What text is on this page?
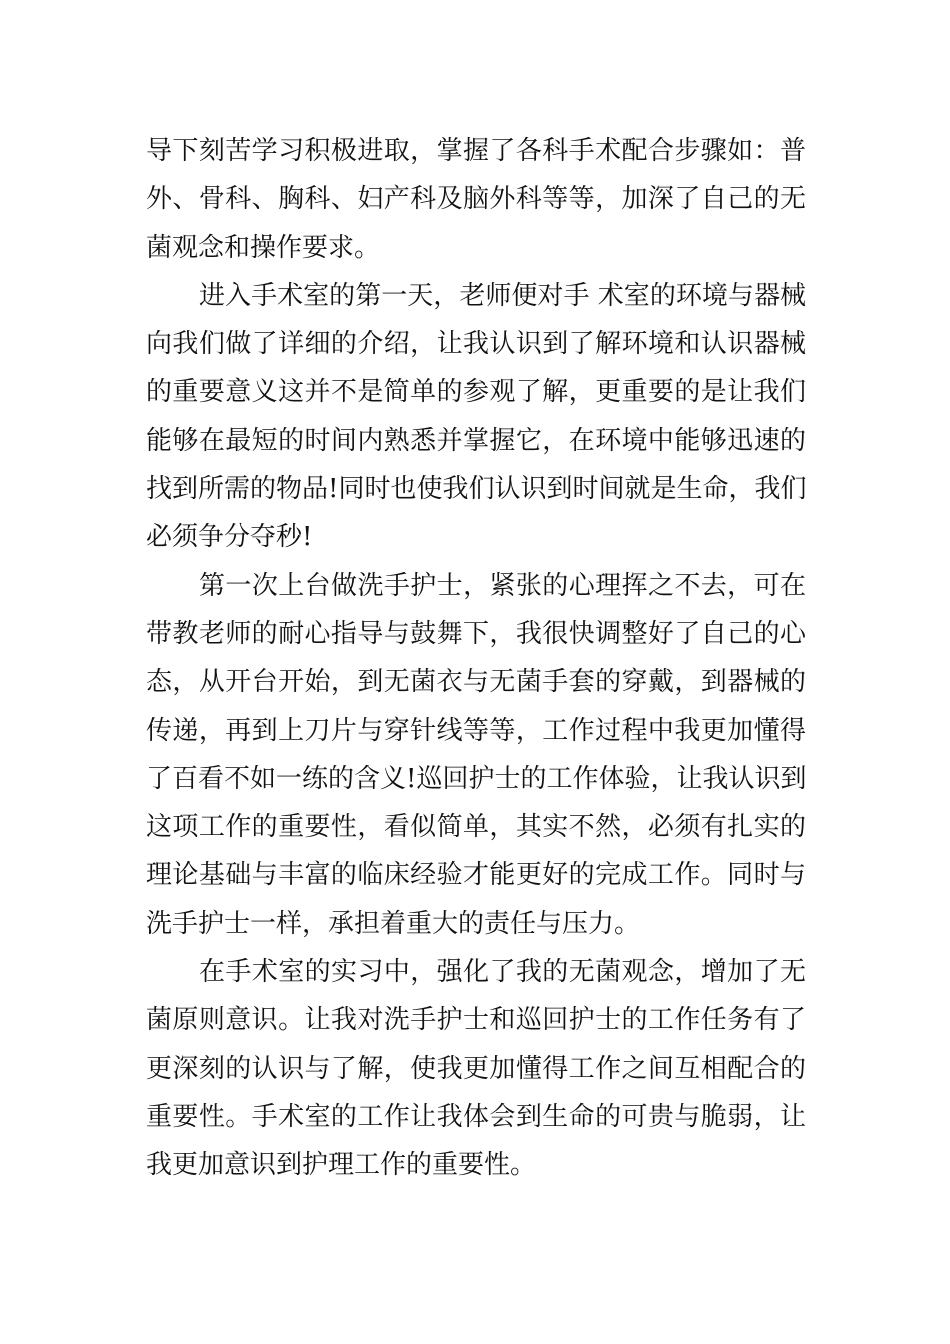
导下刻苦学习积极进取，掌握了各科手术配合步骤如：普
外、骨科、胸科、妇产科及脑外科等等，加深了自己的无
菌观念和操作要求。
进入手术室的第一天，老师便对手 术室的环境与器械
向我们做了详细的介绍，让我认识到了解环境和认识器械
的重要意义这并不是简单的参观了解，更重要的是让我们
能够在最短的时间内熟悉并掌握它，在环境中能够迅速的
找到所需的物品!同时也使我们认识到时间就是生命，我们
必须争分夺秒!
第一次上台做洗手护士，紧张的心理挥之不去，可在
带教老师的耐心指导与鼓舞下，我很快调整好了自己的心
态，从开台开始，到无菌衣与无菌手套的穿戴，到器械的
传递，再到上刀片与穿针线等等，工作过程中我更加懂得
了百看不如一练的含义!巡回护士的工作体验，让我认识到
这项工作的重要性，看似简单，其实不然，必须有扎实的
理论基础与丰富的临床经验才能更好的完成工作。同时与
洗手护士一样，承担着重大的责任与压力。
在手术室的实习中，强化了我的无菌观念，增加了无
菌原则意识。让我对洗手护士和巡回护士的工作任务有了
更深刻的认识与了解，使我更加懂得工作之间互相配合的
重要性。手术室的工作让我体会到生命的可贵与脆弱，让
我更加意识到护理工作的重要性。
